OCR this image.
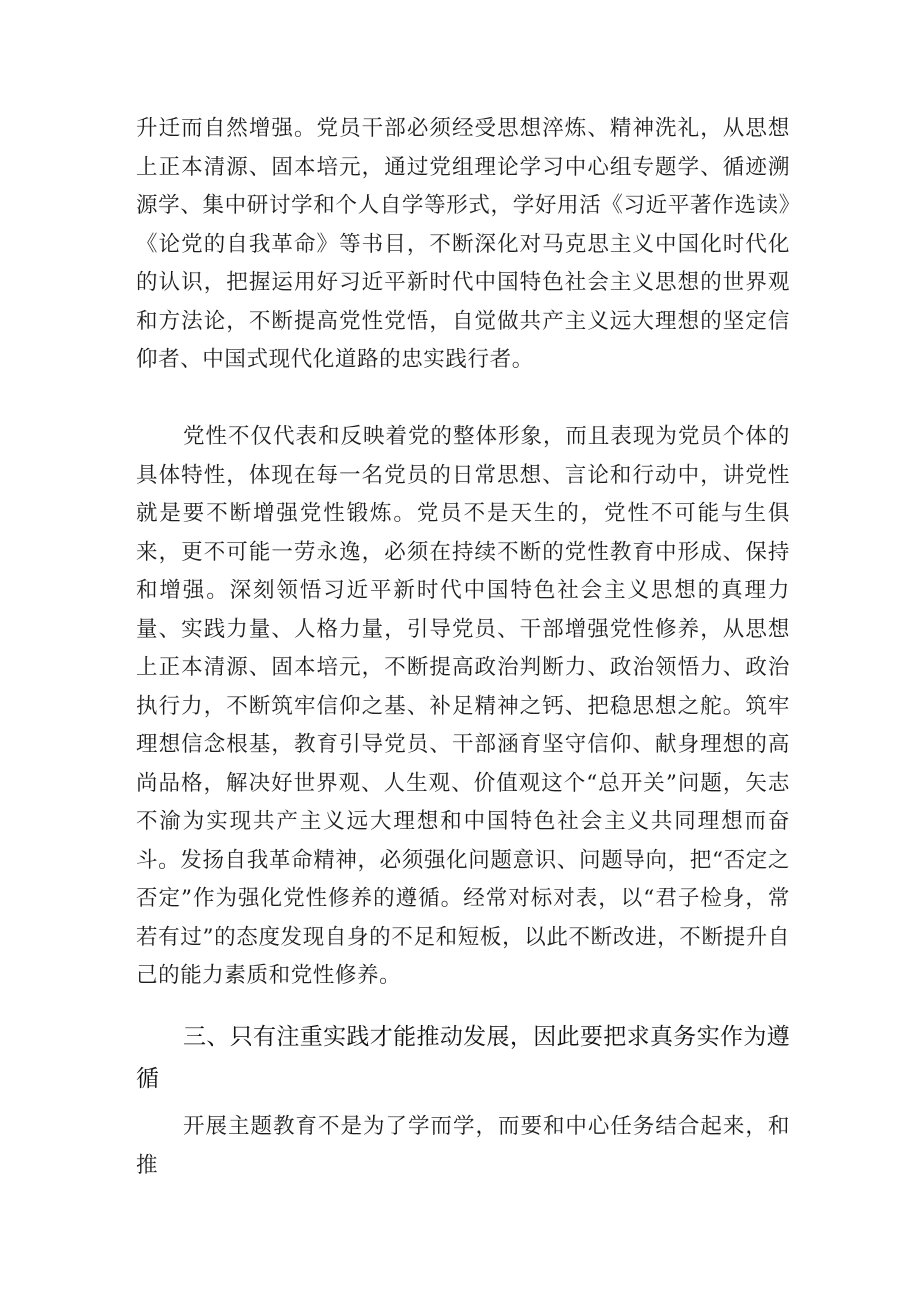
升迁而自然增强。党员干部必须经受思想淬炼、精神洗礼，从思想上正本清源、固本培元，通过党组理论学习中心组专题学、循迹溯源学、集中研讨学和个人自学等形式，学好用活《习近平著作选读》《论党的自我革命》等书目，不断深化对马克思主义中国化时代化的认识，把握运用好习近平新时代中国特色社会主义思想的世界观和方法论，不断提高党性党悟，自觉做共产主义远大理想的坚定信仰者、中国式现代化道路的忠实践行者。

党性不仅代表和反映着党的整体形象，而且表现为党员个体的具体特性，体现在每一名党员的日常思想、言论和行动中，讲党性就是要不断增强党性锻炼。党员不是天生的，党性不可能与生俱来，更不可能一劳永逸，必须在持续不断的党性教育中形成、保持和增强。深刻领悟习近平新时代中国特色社会主义思想的真理力量、实践力量、人格力量，引导党员、干部增强党性修养，从思想上正本清源、固本培元，不断提高政治判断力、政治领悟力、政治执行力，不断筑牢信仰之基、补足精神之钙、把稳思想之舵。筑牢理想信念根基，教育引导党员、干部涵育坚守信仰、献身理想的高尚品格，解决好世界观、人生观、价值观这个“总开关”问题，矢志不渝为实现共产主义远大理想和中国特色社会主义共同理想而奋斗。发扬自我革命精神，必须强化问题意识、问题导向，把“否定之否定”作为强化党性修养的遵循。经常对标对表，以“君子检身，常若有过”的态度发现自身的不足和短板，以此不断改进，不断提升自己的能力素质和党性修养。

三、只有注重实践才能推动发展，因此要把求真务实作为遵循

开展主题教育不是为了学而学，而要和中心任务结合起来，和推
